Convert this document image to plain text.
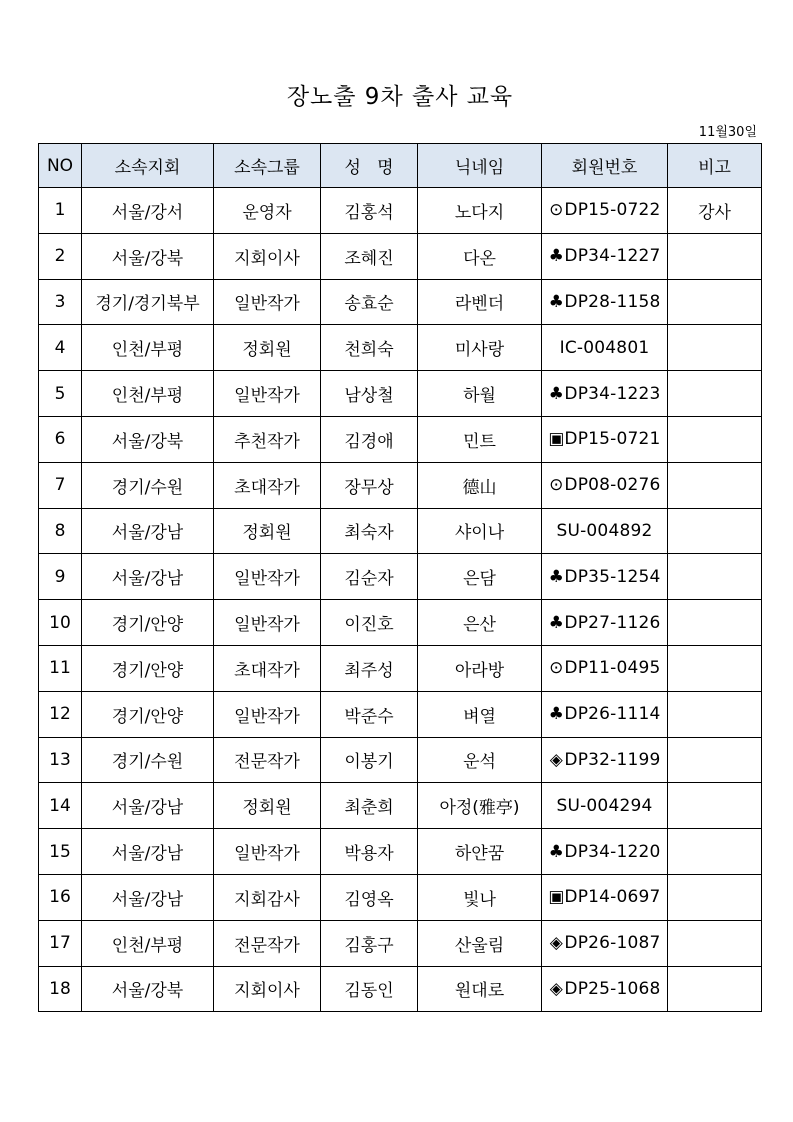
장노출 9차 출사 교육
11월30일
NO	소속지회	소속그룹	성   명	닉네임	회원번호	비고
1	서울/강서	운영자	김홍석	노다지	⊙DP15-0722	강사
2	서울/강북	지회이사	조혜진	다온	♣DP34-1227	
3	경기/경기북부	일반작가	송효순	라벤더	♣DP28-1158	
4	인천/부평	정회원	천희숙	미사랑	IC-004801	
5	인천/부평	일반작가	남상철	하월	♣DP34-1223	
6	서울/강북	추천작가	김경애	민트	▣DP15-0721	
7	경기/수원	초대작가	장무상	德山	⊙DP08-0276	
8	서울/강남	정회원	최숙자	샤이나	SU-004892	
9	서울/강남	일반작가	김순자	은담	♣DP35-1254	
10	경기/안양	일반작가	이진호	은산	♣DP27-1126	
11	경기/안양	초대작가	최주성	아라방	⊙DP11-0495	
12	경기/안양	일반작가	박준수	벼열	♣DP26-1114	
13	경기/수원	전문작가	이봉기	운석	◈DP32-1199	
14	서울/강남	정회원	최춘희	아정(雅亭)	SU-004294	
15	서울/강남	일반작가	박용자	하얀꿈	♣DP34-1220	
16	서울/강남	지회감사	김영옥	빛나	▣DP14-0697	
17	인천/부평	전문작가	김홍구	산울림	◈DP26-1087	
18	서울/강북	지회이사	김동인	원대로	◈DP25-1068	
